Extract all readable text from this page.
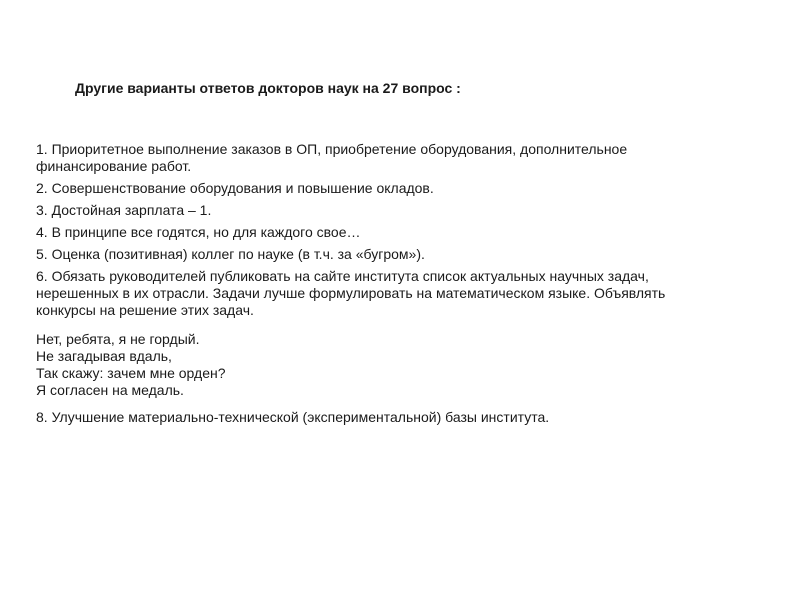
Другие варианты ответов докторов наук на 27 вопрос :
1. Приоритетное выполнение заказов в ОП, приобретение оборудования, дополнительное
финансирование работ.
2. Совершенствование оборудования и повышение окладов.
3. Достойная зарплата – 1.
4. В принципе все годятся, но для каждого свое…
5. Оценка (позитивная) коллег по науке (в т.ч. за «бугром»).
6. Обязать руководителей публиковать на сайте института список актуальных научных задач,
нерешенных в их отрасли. Задачи лучше формулировать на математическом языке. Объявлять
конкурсы на решение этих задач.
Нет, ребята, я не гордый.
Не загадывая вдаль,
Так скажу: зачем мне орден?
Я согласен на медаль.
8. Улучшение материально-технической (экспериментальной) базы института.
